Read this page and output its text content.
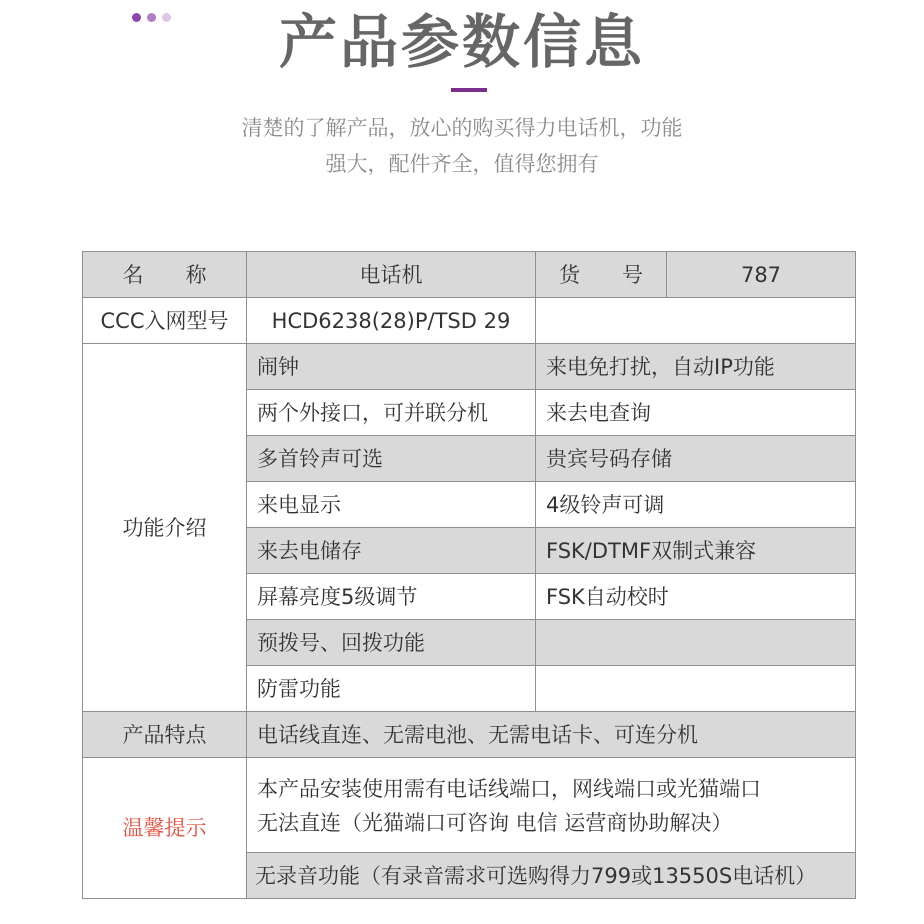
产品参数信息
清楚的了解产品，放心的购买得力电话机，功能
强大，配件齐全，值得您拥有
名　　称	电话机	货　　号	787
CCC入网型号	HCD6238(28)P/TSD 29		
功能介绍	闹钟	来电免打扰，自动IP功能	
	两个外接口，可并联分机	来去电查询	
	多首铃声可选	贵宾号码存储	
	来电显示	4级铃声可调	
	来去电储存	FSK/DTMF双制式兼容	
	屏幕亮度5级调节	FSK自动校时	
	预拨号、回拨功能		
	防雷功能		
产品特点	电话线直连、无需电池、无需电话卡、可连分机		
温馨提示	本产品安装使用需有电话线端口，网线端口或光猫端口
无法直连（光猫端口可咨询 电信 运营商协助解决）		

	无录音功能（有录音需求可选购得力799或13550S电话机）		
